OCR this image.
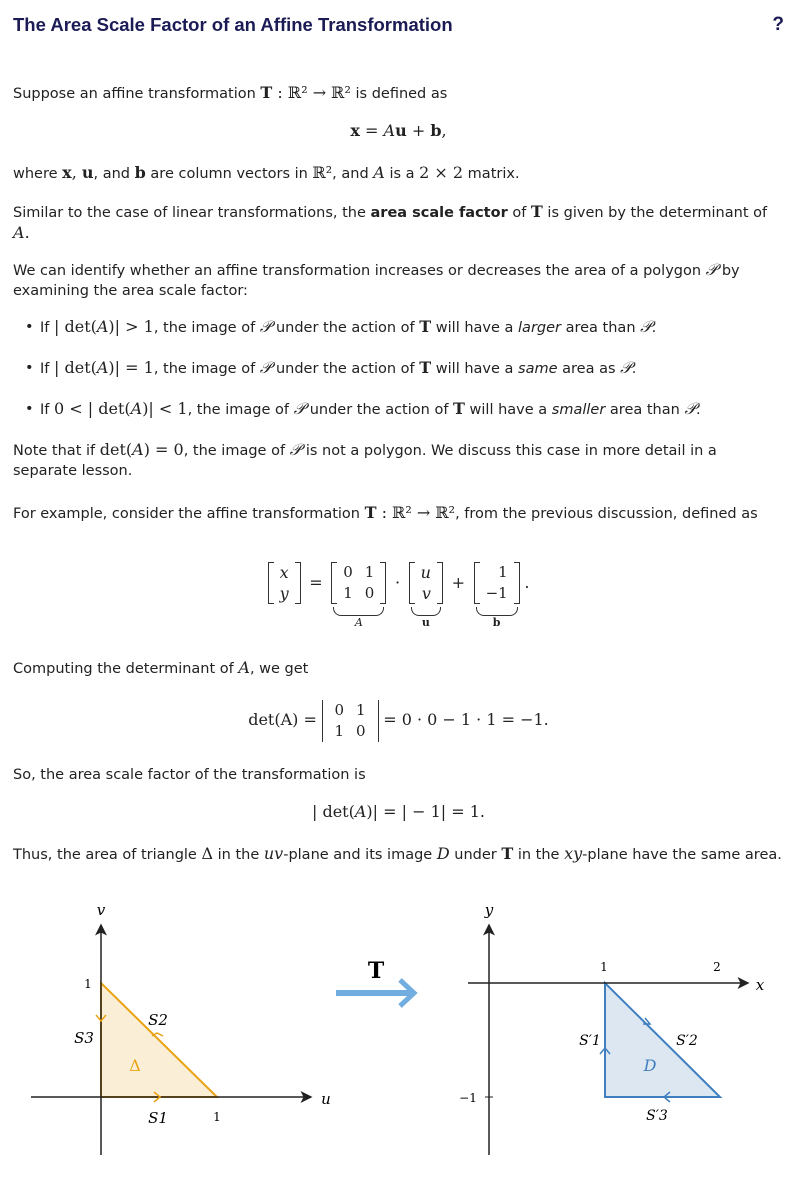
The Area Scale Factor of an Affine Transformation	?
Suppose an affine transformation T : ℝ² → ℝ² is defined as
x = Au + b,
where x, u, and b are column vectors in ℝ², and A is a 2 × 2 matrix.
Similar to the case of linear transformations, the area scale factor of T is given by the determinant of A.
We can identify whether an affine transformation increases or decreases the area of a polygon 𝒫 by examining the area scale factor:
• If | det(A)| > 1, the image of 𝒫 under the action of T will have a larger area than 𝒫.
• If | det(A)| = 1, the image of 𝒫 under the action of T will have a same area as 𝒫.
• If 0 < | det(A)| < 1, the image of 𝒫 under the action of T will have a smaller area than 𝒫.
Note that if det(A) = 0, the image of 𝒫 is not a polygon. We discuss this case in more detail in a separate lesson.
For example, consider the affine transformation T : ℝ² → ℝ², from the previous discussion, defined as
x
y
=
0	1
1	0
A
·
u
v
u
+
1
−1
b
.
Computing the determinant of A, we get
det(A) = 0	1
1	0
= 0 · 0 − 1 · 1 = −1.
So, the area scale factor of the transformation is
| det(A)| = | − 1| = 1.
Thus, the area of triangle Δ in the uv-plane and its image D under T in the xy-plane have the same area.
u
v
1
1
Δ
S1
S2
S3
T
x
y
1	2
−1
D
S′1	S′2
S′3
